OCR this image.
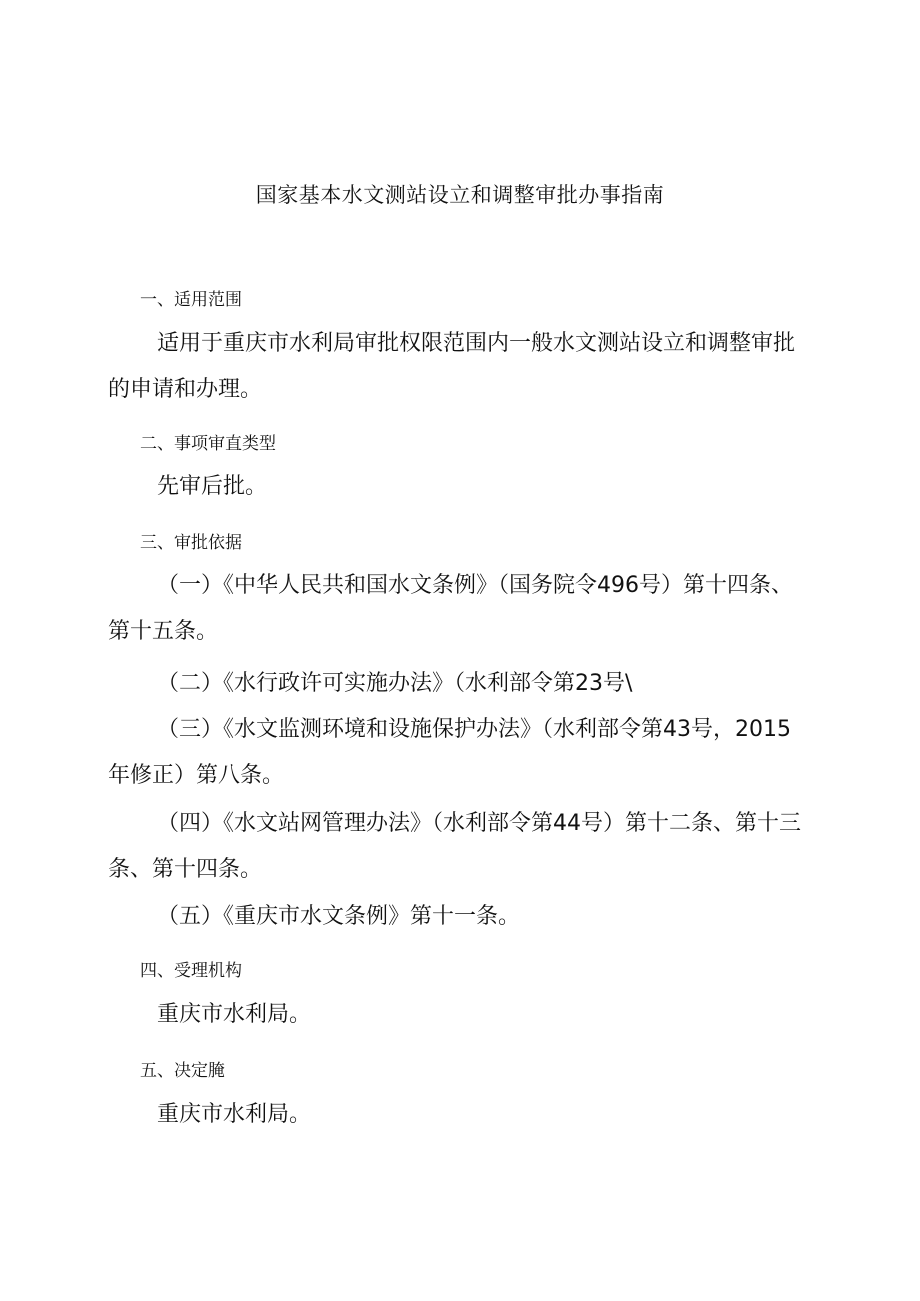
国家基本水文测站设立和调整审批办事指南
一、适用范围

适用于重庆市水利局审批权限范围内一般水文测站设立和调整审批的申请和办理。

二、事项审直类型

先审后批。

三、审批依据

（一）《中华人民共和国水文条例》（国务院令496号）第十四条、第十五条。

（二）《水行政许可实施办法》（水利部令第23号\

（三）《水文监测环境和设施保护办法》（水利部令第43号，2015年修正）第八条。

（四）《水文站网管理办法》（水利部令第44号）第十二条、第十三条、第十四条。

（五）《重庆市水文条例》第十一条。

四、受理机构

重庆市水利局。

五、决定腌

重庆市水利局。
